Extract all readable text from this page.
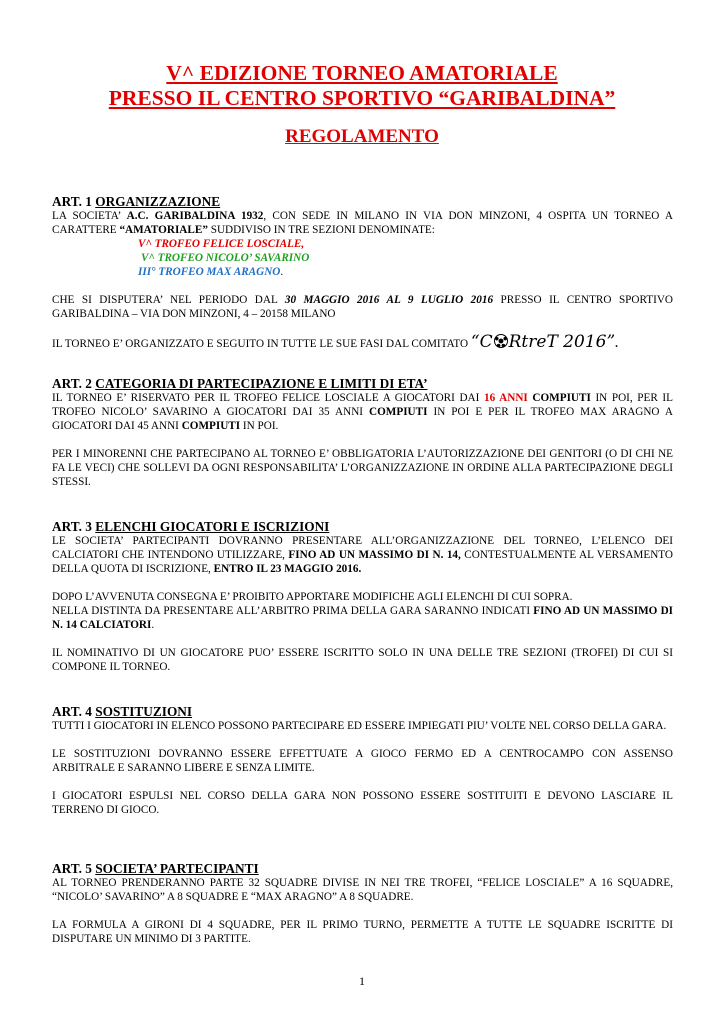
V^ EDIZIONE TORNEO AMATORIALE
PRESSO IL CENTRO SPORTIVO “GARIBALDINA”
REGOLAMENTO
ART. 1 ORGANIZZAZIONE
LA SOCIETA’ A.C. GARIBALDINA 1932, CON SEDE IN MILANO IN VIA DON MINZONI, 4 OSPITA UN TORNEO A CARATTERE “AMATORIALE” SUDDIVISO IN TRE SEZIONI DENOMINATE:
V^ TROFEO FELICE LOSCIALE,
V^ TROFEO NICOLO’ SAVARINO
III° TROFEO MAX ARAGNO.
CHE SI DISPUTERA’ NEL PERIODO DAL 30 MAGGIO 2016 AL 9 LUGLIO 2016 PRESSO IL CENTRO SPORTIVO GARIBALDINA – VIA DON MINZONI, 4 – 20158 MILANO
IL TORNEO E’ ORGANIZZATO E SEGUITO IN TUTTE LE SUE FASI DAL COMITATO “C RtreT 2016”.
ART. 2 CATEGORIA DI PARTECIPAZIONE E LIMITI DI ETA’
IL TORNEO E’ RISERVATO PER IL TROFEO FELICE LOSCIALE A GIOCATORI DAI 16 ANNI COMPIUTI IN POI, PER IL TROFEO NICOLO’ SAVARINO A GIOCATORI DAI 35 ANNI COMPIUTI IN POI E PER IL TROFEO MAX ARAGNO A GIOCATORI DAI 45 ANNI COMPIUTI IN POI.
PER I MINORENNI CHE PARTECIPANO AL TORNEO E’ OBBLIGATORIA L’AUTORIZZAZIONE DEI GENITORI (O DI CHI NE FA LE VECI) CHE SOLLEVI DA OGNI RESPONSABILITA’ L’ORGANIZZAZIONE IN ORDINE ALLA PARTECIPAZIONE DEGLI STESSI.
ART. 3 ELENCHI GIOCATORI E ISCRIZIONI
LE SOCIETA’ PARTECIPANTI DOVRANNO PRESENTARE ALL’ORGANIZZAZIONE DEL TORNEO, L’ELENCO DEI CALCIATORI CHE INTENDONO UTILIZZARE, FINO AD UN MASSIMO DI N. 14, CONTESTUALMENTE AL VERSAMENTO DELLA QUOTA DI ISCRIZIONE, ENTRO IL 23 MAGGIO 2016.
DOPO L’AVVENUTA CONSEGNA E’ PROIBITO APPORTARE MODIFICHE AGLI ELENCHI DI CUI SOPRA.
NELLA DISTINTA DA PRESENTARE ALL’ARBITRO PRIMA DELLA GARA SARANNO INDICATI FINO AD UN MASSIMO DI N. 14 CALCIATORI.
IL NOMINATIVO DI UN GIOCATORE PUO’ ESSERE ISCRITTO SOLO IN UNA DELLE TRE SEZIONI (TROFEI) DI CUI SI COMPONE IL TORNEO.
ART. 4 SOSTITUZIONI
TUTTI I GIOCATORI IN ELENCO POSSONO PARTECIPARE ED ESSERE IMPIEGATI PIU’ VOLTE NEL CORSO DELLA GARA.
LE SOSTITUZIONI DOVRANNO ESSERE EFFETTUATE A GIOCO FERMO ED A CENTROCAMPO CON ASSENSO ARBITRALE E SARANNO LIBERE E SENZA LIMITE.
I GIOCATORI ESPULSI NEL CORSO DELLA GARA NON POSSONO ESSERE SOSTITUITI E DEVONO LASCIARE IL TERRENO DI GIOCO.
ART. 5 SOCIETA’ PARTECIPANTI
AL TORNEO PRENDERANNO PARTE 32 SQUADRE DIVISE IN NEI TRE TROFEI, “FELICE LOSCIALE” A 16 SQUADRE, “NICOLO’ SAVARINO” A 8 SQUADRE E “MAX ARAGNO” A 8 SQUADRE.
LA FORMULA A GIRONI DI 4 SQUADRE, PER IL PRIMO TURNO, PERMETTE A TUTTE LE SQUADRE ISCRITTE DI DISPUTARE UN MINIMO DI 3 PARTITE.
1
